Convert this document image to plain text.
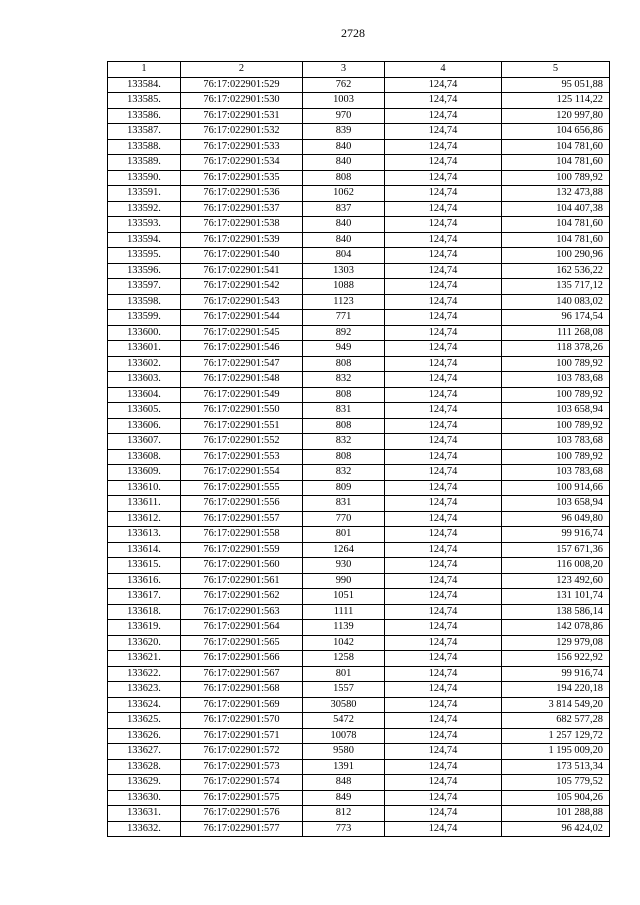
2728
1	2	3	4	5
133584.	76:17:022901:529	762	124,74	95 051,88
133585.	76:17:022901:530	1003	124,74	125 114,22
133586.	76:17:022901:531	970	124,74	120 997,80
133587.	76:17:022901:532	839	124,74	104 656,86
133588.	76:17:022901:533	840	124,74	104 781,60
133589.	76:17:022901:534	840	124,74	104 781,60
133590.	76:17:022901:535	808	124,74	100 789,92
133591.	76:17:022901:536	1062	124,74	132 473,88
133592.	76:17:022901:537	837	124,74	104 407,38
133593.	76:17:022901:538	840	124,74	104 781,60
133594.	76:17:022901:539	840	124,74	104 781,60
133595.	76:17:022901:540	804	124,74	100 290,96
133596.	76:17:022901:541	1303	124,74	162 536,22
133597.	76:17:022901:542	1088	124,74	135 717,12
133598.	76:17:022901:543	1123	124,74	140 083,02
133599.	76:17:022901:544	771	124,74	96 174,54
133600.	76:17:022901:545	892	124,74	111 268,08
133601.	76:17:022901:546	949	124,74	118 378,26
133602.	76:17:022901:547	808	124,74	100 789,92
133603.	76:17:022901:548	832	124,74	103 783,68
133604.	76:17:022901:549	808	124,74	100 789,92
133605.	76:17:022901:550	831	124,74	103 658,94
133606.	76:17:022901:551	808	124,74	100 789,92
133607.	76:17:022901:552	832	124,74	103 783,68
133608.	76:17:022901:553	808	124,74	100 789,92
133609.	76:17:022901:554	832	124,74	103 783,68
133610.	76:17:022901:555	809	124,74	100 914,66
133611.	76:17:022901:556	831	124,74	103 658,94
133612.	76:17:022901:557	770	124,74	96 049,80
133613.	76:17:022901:558	801	124,74	99 916,74
133614.	76:17:022901:559	1264	124,74	157 671,36
133615.	76:17:022901:560	930	124,74	116 008,20
133616.	76:17:022901:561	990	124,74	123 492,60
133617.	76:17:022901:562	1051	124,74	131 101,74
133618.	76:17:022901:563	1111	124,74	138 586,14
133619.	76:17:022901:564	1139	124,74	142 078,86
133620.	76:17:022901:565	1042	124,74	129 979,08
133621.	76:17:022901:566	1258	124,74	156 922,92
133622.	76:17:022901:567	801	124,74	99 916,74
133623.	76:17:022901:568	1557	124,74	194 220,18
133624.	76:17:022901:569	30580	124,74	3 814 549,20
133625.	76:17:022901:570	5472	124,74	682 577,28
133626.	76:17:022901:571	10078	124,74	1 257 129,72
133627.	76:17:022901:572	9580	124,74	1 195 009,20
133628.	76:17:022901:573	1391	124,74	173 513,34
133629.	76:17:022901:574	848	124,74	105 779,52
133630.	76:17:022901:575	849	124,74	105 904,26
133631.	76:17:022901:576	812	124,74	101 288,88
133632.	76:17:022901:577	773	124,74	96 424,02
